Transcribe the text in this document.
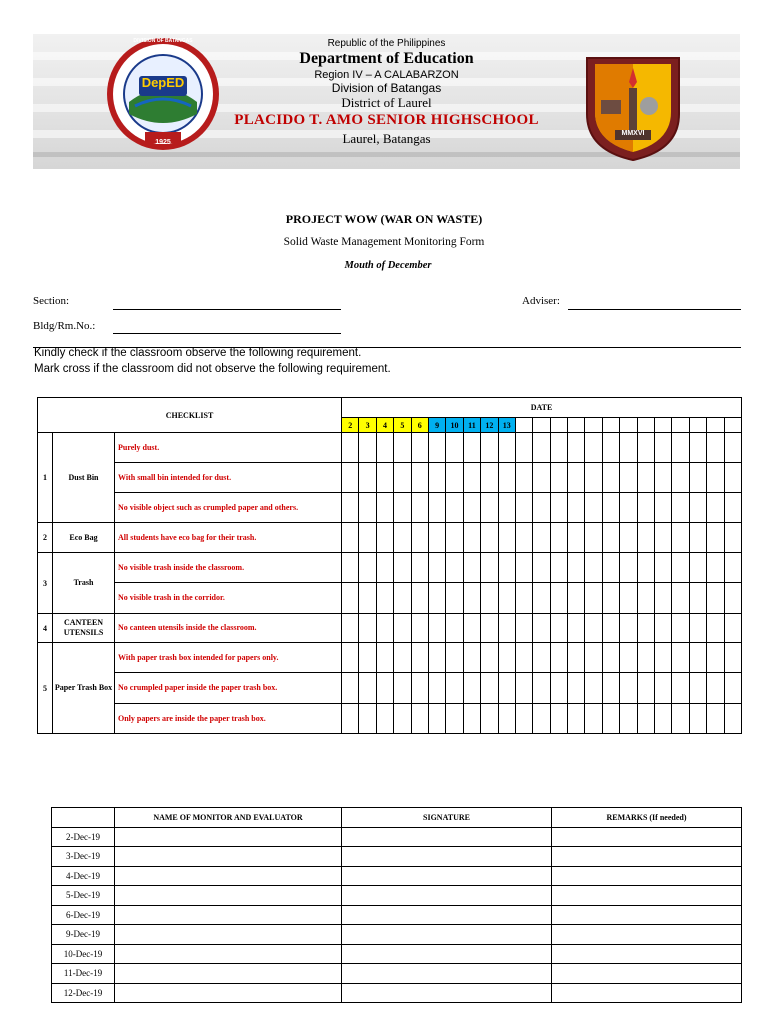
DepED
DIVISION OF BATANGAS
1925
MMXVI
Republic of the Philippines
Department of Education
Region IV – A CALABARZON
Division of Batangas
District of Laurel
PLACIDO T. AMO SENIOR HIGHSCHOOL
Laurel, Batangas
PROJECT WOW (WAR ON WASTE)
Solid Waste Management Monitoring Form
Mouth of December
Section:	Adviser:
Bldg/Rm.No.:
Kindly check if the classroom observe the following requirement.
Mark cross if the classroom did not observe the following requirement.
CHECKLIST			DATE																						
			2	3	4	5	6	9	10	11	12	13													
1	Dust Bin	Purely dust.																							
		With small bin intended for dust.																							
		No visible object such as crumpled paper and others.																							
2	Eco Bag	All students have eco bag for their trash.																							
3	Trash	No visible trash inside the classroom.																							
		No visible trash in the corridor.																							
4	CANTEEN UTENSILS	No canteen utensils inside the classroom.																							
5	Paper Trash Box	With paper trash box intended for papers only.																							
		No crumpled paper inside the paper trash box.																							
		Only papers are inside the paper trash box.																							
	NAME OF MONITOR AND EVALUATOR	SIGNATURE	REMARKS (If needed)
2-Dec-19			
3-Dec-19			
4-Dec-19			
5-Dec-19			
6-Dec-19			
9-Dec-19			
10-Dec-19			
11-Dec-19			
12-Dec-19			
